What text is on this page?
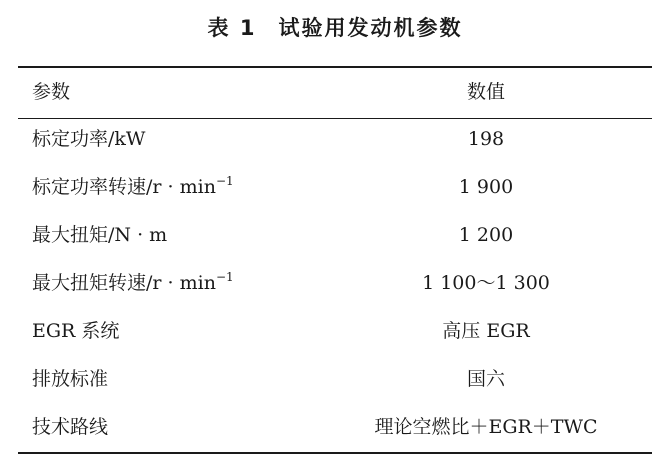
表 1 试验用发动机参数
参数	数值
标定功率/kW	198
标定功率转速$/r \cdot \min^{-1}$	1 900
最大扭矩/N · m	1 200
最大扭矩转速$/r \cdot \min^{-1}$	1 100～1 300
EGR 系统	高压 EGR
排放标准	国六
技术路线	理论空燃比＋EGR＋TWC
